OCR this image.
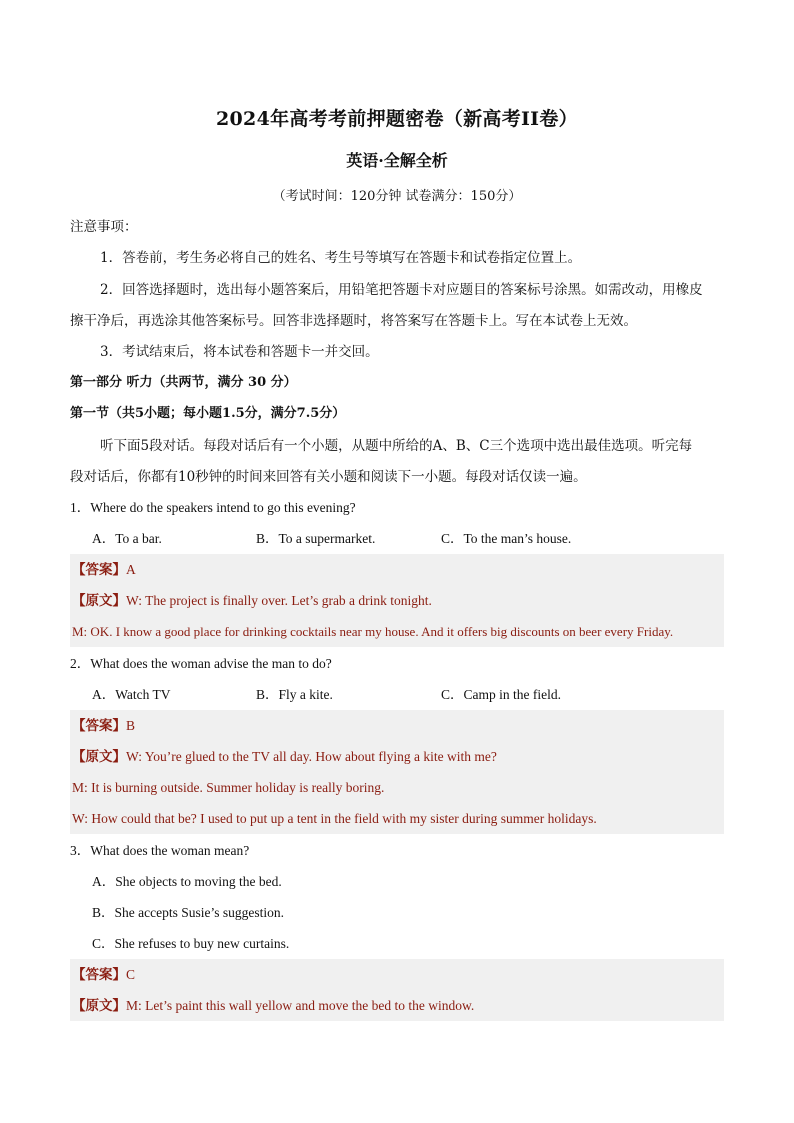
2024年高考考前押题密卷（新高考II卷）
英语·全解全析
（考试时间：120分钟 试卷满分：150分）
注意事项：
1．答卷前，考生务必将自己的姓名、考生号等填写在答题卡和试卷指定位置上。
2．回答选择题时，选出每小题答案后，用铅笔把答题卡对应题目的答案标号涂黑。如需改动，用橡皮
擦干净后，再选涂其他答案标号。回答非选择题时，将答案写在答题卡上。写在本试卷上无效。
3．考试结束后，将本试卷和答题卡一并交回。
第一部分 听力（共两节，满分 30 分）
第一节（共5小题；每小题1.5分，满分7.5分）
听下面5段对话。每段对话后有一个小题，从题中所给的A、B、C三个选项中选出最佳选项。听完每
段对话后，你都有10秒钟的时间来回答有关小题和阅读下一小题。每段对话仅读一遍。
1．Where do the speakers intend to go this evening?
A．To a bar.	B．To a supermarket.	C．To the man’s house.
【答案】A
【原文】W: The project is finally over. Let’s grab a drink tonight.
M: OK. I know a good place for drinking cocktails near my house. And it offers big discounts on beer every Friday.
2．What does the woman advise the man to do?
A．Watch TV	B．Fly a kite.	C．Camp in the field.
【答案】B
【原文】W: You’re glued to the TV all day. How about flying a kite with me?
M: It is burning outside. Summer holiday is really boring.
W: How could that be? I used to put up a tent in the field with my sister during summer holidays.
3．What does the woman mean?
A．She objects to moving the bed.
B．She accepts Susie’s suggestion.
C．She refuses to buy new curtains.
【答案】C
【原文】M: Let’s paint this wall yellow and move the bed to the window.
